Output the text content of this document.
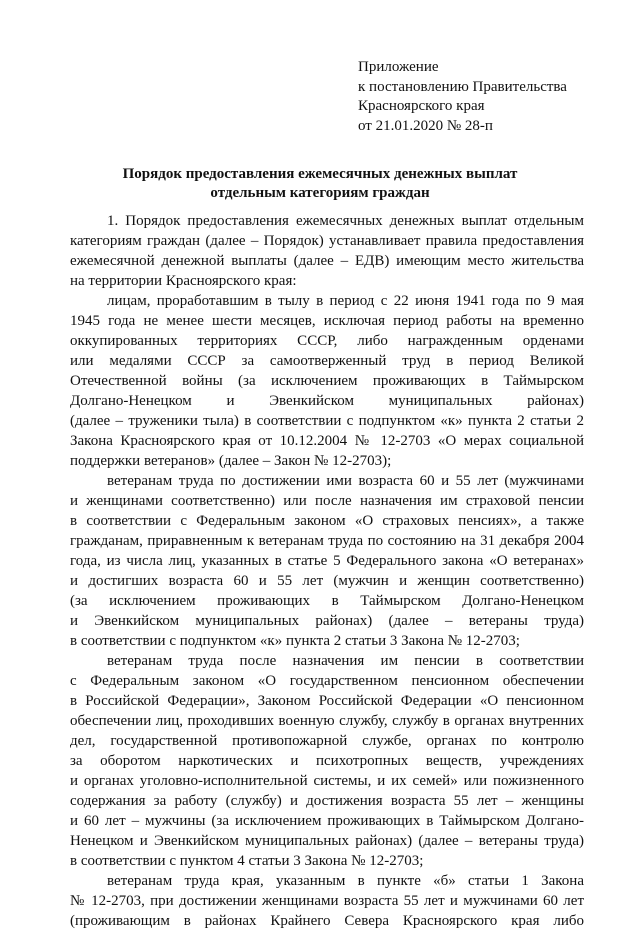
Приложение
к постановлению Правительства
Красноярского края
от 21.01.2020 № 28-п
Порядок предоставления ежемесячных денежных выплат
отдельным категориям граждан
1. Порядок предоставления ежемесячных денежных выплат отдельным
категориям граждан (далее – Порядок) устанавливает правила предоставления
ежемесячной денежной выплаты (далее – ЕДВ) имеющим место жительства
на территории Красноярского края:
лицам, проработавшим в тылу в период с 22 июня 1941 года по 9 мая
1945 года не менее шести месяцев, исключая период работы на временно
оккупированных территориях СССР, либо награжденным орденами
или медалями СССР за самоотверженный труд в период Великой
Отечественной войны (за исключением проживающих в Таймырском
Долгано-Ненецком и Эвенкийском муниципальных районах)
(далее – труженики тыла) в соответствии с подпунктом «к» пункта 2 статьи 2
Закона Красноярского края от 10.12.2004 № 12-2703 «О мерах социальной
поддержки ветеранов» (далее – Закон № 12-2703);
ветеранам труда по достижении ими возраста 60 и 55 лет (мужчинами
и женщинами соответственно) или после назначения им страховой пенсии
в соответствии с Федеральным законом «О страховых пенсиях», а также
гражданам, приравненным к ветеранам труда по состоянию на 31 декабря 2004
года, из числа лиц, указанных в статье 5 Федерального закона «О ветеранах»
и достигших возраста 60 и 55 лет (мужчин и женщин соответственно)
(за исключением проживающих в Таймырском Долгано-Ненецком
и Эвенкийском муниципальных районах) (далее – ветераны труда)
в соответствии с подпунктом «к» пункта 2 статьи 3 Закона № 12-2703;
ветеранам труда после назначения им пенсии в соответствии
с Федеральным законом «О государственном пенсионном обеспечении
в Российской Федерации», Законом Российской Федерации «О пенсионном
обеспечении лиц, проходивших военную службу, службу в органах внутренних
дел, государственной противопожарной службе, органах по контролю
за оборотом наркотических и психотропных веществ, учреждениях
и органах уголовно-исполнительной системы, и их семей» или пожизненного
содержания за работу (службу) и достижения возраста 55 лет – женщины
и 60 лет – мужчины (за исключением проживающих в Таймырском Долгано-
Ненецком и Эвенкийском муниципальных районах) (далее – ветераны труда)
в соответствии с пунктом 4 статьи 3 Закона № 12-2703;
ветеранам труда края, указанным в пункте «б» статьи 1 Закона
№ 12-2703, при достижении женщинами возраста 55 лет и мужчинами 60 лет
(проживающим в районах Крайнего Севера Красноярского края либо
